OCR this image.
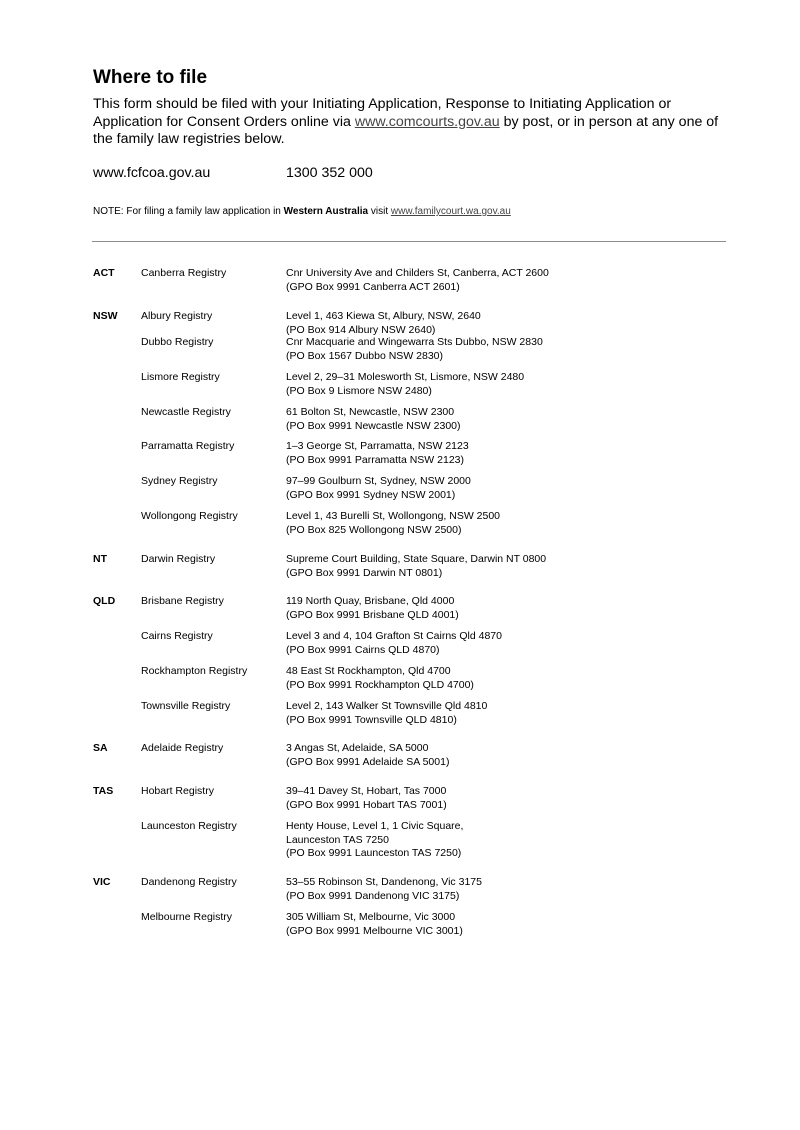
Where to file

This form should be filed with your Initiating Application, Response to Initiating Application or Application for Consent Orders online via www.comcourts.gov.au by post, or in person at any one of the family law registries below.

www.fcfcoa.gov.au	1300 352 000

NOTE: For filing a family law application in Western Australia visit www.familycourt.wa.gov.au

ACT	Canberra Registry	Cnr University Ave and Childers St, Canberra, ACT 2600
(GPO Box 9991 Canberra ACT 2601)
NSW Albury Registry	Level 1, 463 Kiewa St, Albury, NSW, 2640
(PO Box 914 Albury NSW 2640)
Dubbo Registry	Cnr Macquarie and Wingewarra Sts Dubbo, NSW 2830
(PO Box 1567 Dubbo NSW 2830)
Lismore Registry	Level 2, 29–31 Molesworth St, Lismore, NSW 2480
(PO Box 9 Lismore NSW 2480)
Newcastle Registry	61 Bolton St, Newcastle, NSW 2300
(PO Box 9991 Newcastle NSW 2300)
Parramatta Registry	1–3 George St, Parramatta, NSW 2123
(PO Box 9991 Parramatta NSW 2123)
Sydney Registry	97–99 Goulburn St, Sydney, NSW 2000
(GPO Box 9991 Sydney NSW 2001)
Wollongong Registry	Level 1, 43 Burelli St, Wollongong, NSW 2500
(PO Box 825 Wollongong NSW 2500)
NT	Darwin Registry	Supreme Court Building, State Square, Darwin NT 0800
(GPO Box 9991 Darwin NT 0801)
QLD Brisbane Registry	119 North Quay, Brisbane, Qld 4000
(GPO Box 9991 Brisbane QLD 4001)
Cairns Registry	Level 3 and 4, 104 Grafton St Cairns Qld 4870
(PO Box 9991 Cairns QLD 4870)
Rockhampton Registry	48 East St Rockhampton, Qld 4700
(PO Box 9991 Rockhampton QLD 4700)
Townsville Registry	Level 2, 143 Walker St Townsville Qld 4810
(PO Box 9991 Townsville QLD 4810)
SA	Adelaide Registry	3 Angas St, Adelaide, SA 5000
(GPO Box 9991 Adelaide SA 5001)
TAS	Hobart Registry	39–41 Davey St, Hobart, Tas 7000
(GPO Box 9991 Hobart TAS 7001)
Launceston Registry	Henty House, Level 1, 1 Civic Square,
Launceston TAS 7250
(PO Box 9991 Launceston TAS 7250)
VIC	Dandenong Registry	53–55 Robinson St, Dandenong, Vic 3175
(PO Box 9991 Dandenong VIC 3175)
Melbourne Registry	305 William St, Melbourne, Vic 3000
(GPO Box 9991 Melbourne VIC 3001)
